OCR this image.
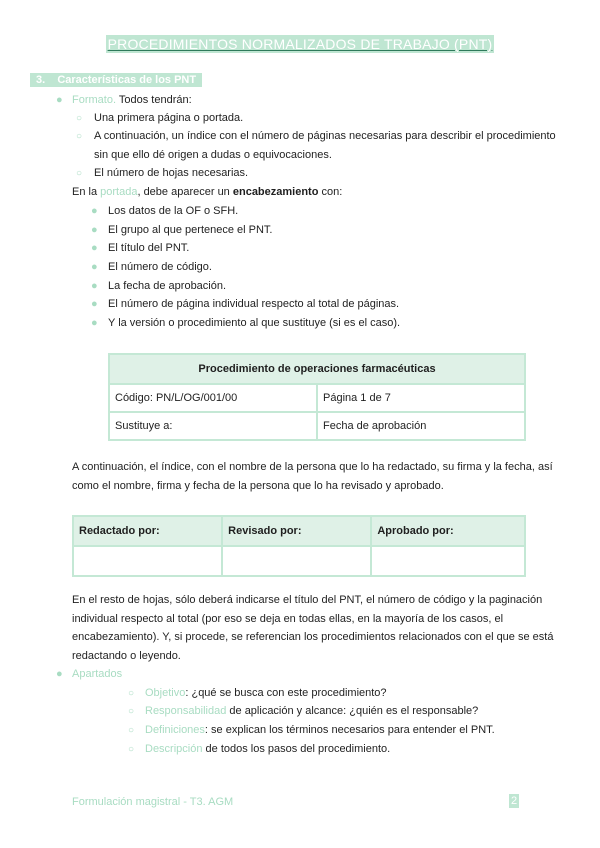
PROCEDIMIENTOS NORMALIZADOS DE TRABAJO (PNT)
3. Características de los PNT
● Formato. Todos tendrán:
○ Una primera página o portada.
○ A continuación, un índice con el número de páginas necesarias para describir el procedimiento
sin que ello dé origen a dudas o equivocaciones.
○ El número de hojas necesarias.
En la portada, debe aparecer un encabezamiento con:
● Los datos de la OF o SFH.
● El grupo al que pertenece el PNT.
● El título del PNT.
● El número de código.
● La fecha de aprobación.
● El número de página individual respecto al total de páginas.
● Y la versión o procedimiento al que sustituye (si es el caso).
Procedimiento de operaciones farmacéuticas	
Código: PN/L/OG/001/00	Página 1 de 7
Sustituye a:	Fecha de aprobación
A continuación, el índice, con el nombre de la persona que lo ha redactado, su firma y la fecha, así
como el nombre, firma y fecha de la persona que lo ha revisado y aprobado.
Redactado por:	Revisado por:	Aprobado por:

En el resto de hojas, sólo deberá indicarse el título del PNT, el número de código y la paginación
individual respecto al total (por eso se deja en todas ellas, en la mayoría de los casos, el
encabezamiento). Y, si procede, se referencian los procedimientos relacionados con el que se está
redactando o leyendo.
● Apartados
○ Objetivo: ¿qué se busca con este procedimiento?
○ Responsabilidad de aplicación y alcance: ¿quién es el responsable?
○ Definiciones: se explican los términos necesarios para entender el PNT.
○ Descripción de todos los pasos del procedimiento.
Formulación magistral - T3. AGM	2
